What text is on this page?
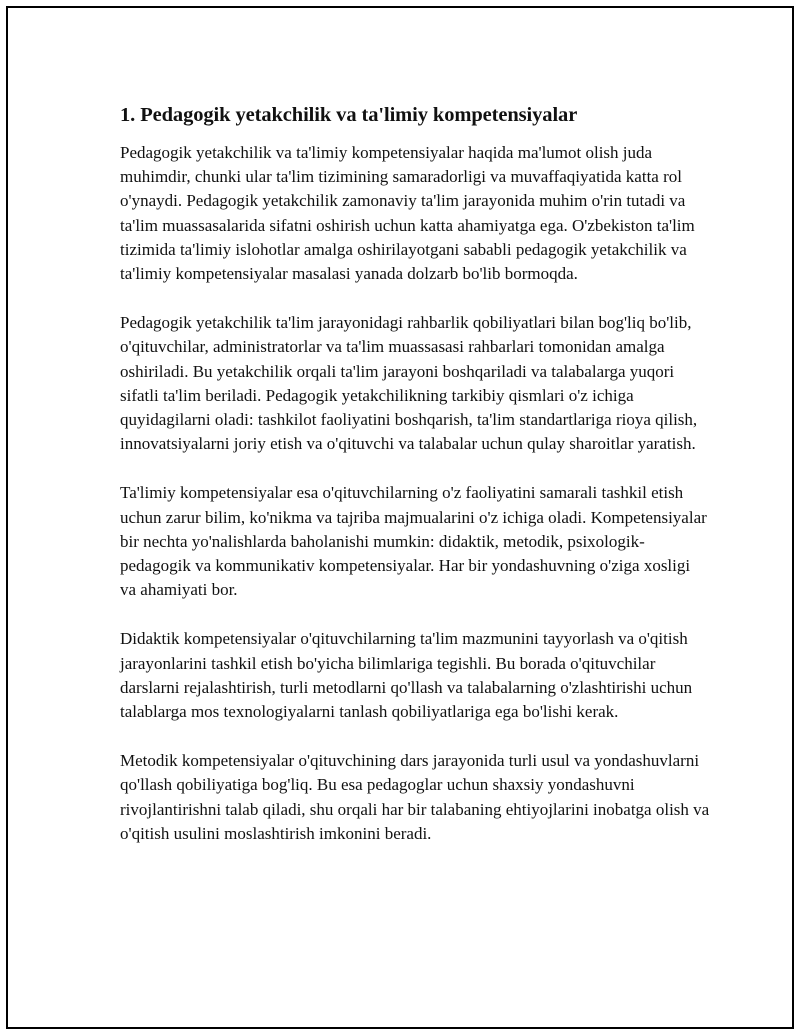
1. Pedagogik yetakchilik va ta'limiy kompetensiyalar

Pedagogik yetakchilik va ta'limiy kompetensiyalar haqida ma'lumot olish juda muhimdir, chunki ular ta'lim tizimining samaradorligi va muvaffaqiyatida katta rol o'ynaydi. Pedagogik yetakchilik zamonaviy ta'lim jarayonida muhim o'rin tutadi va ta'lim muassasalarida sifatni oshirish uchun katta ahamiyatga ega. O'zbekiston ta'lim tizimida ta'limiy islohotlar amalga oshirilayotgani sababli pedagogik yetakchilik va ta'limiy kompetensiyalar masalasi yanada dolzarb bo'lib bormoqda.

Pedagogik yetakchilik ta'lim jarayonidagi rahbarlik qobiliyatlari bilan bog'liq bo'lib, o'qituvchilar, administratorlar va ta'lim muassasasi rahbarlari tomonidan amalga oshiriladi. Bu yetakchilik orqali ta'lim jarayoni boshqariladi va talabalarga yuqori sifatli ta'lim beriladi. Pedagogik yetakchilikning tarkibiy qismlari o'z ichiga quyidagilarni oladi: tashkilot faoliyatini boshqarish, ta'lim standartlariga rioya qilish, innovatsiyalarni joriy etish va o'qituvchi va talabalar uchun qulay sharoitlar yaratish.

Ta'limiy kompetensiyalar esa o'qituvchilarning o'z faoliyatini samarali tashkil etish uchun zarur bilim, ko'nikma va tajriba majmualarini o'z ichiga oladi. Kompetensiyalar bir nechta yo'nalishlarda baholanishi mumkin: didaktik, metodik, psixologik-pedagogik va kommunikativ kompetensiyalar. Har bir yondashuvning o'ziga xosligi va ahamiyati bor.

Didaktik kompetensiyalar o'qituvchilarning ta'lim mazmunini tayyorlash va o'qitish jarayonlarini tashkil etish bo'yicha bilimlariga tegishli. Bu borada o'qituvchilar darslarni rejalashtirish, turli metodlarni qo'llash va talabalarning o'zlashtirishi uchun talablarga mos texnologiyalarni tanlash qobiliyatlariga ega bo'lishi kerak.

Metodik kompetensiyalar o'qituvchining dars jarayonida turli usul va yondashuvlarni qo'llash qobiliyatiga bog'liq. Bu esa pedagoglar uchun shaxsiy yondashuvni rivojlantirishni talab qiladi, shu orqali har bir talabaning ehtiyojlarini inobatga olish va o'qitish usulini moslashtirish imkonini beradi.
